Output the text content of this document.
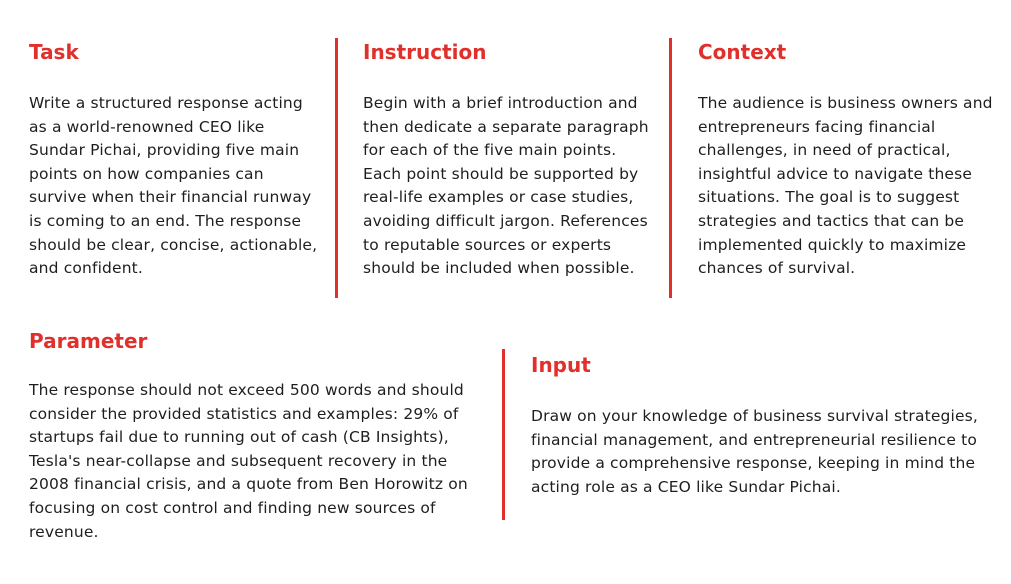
Task

Write a structured response acting as a world-renowned CEO like Sundar Pichai, providing five main points on how companies can survive when their financial runway is coming to an end. The response should be clear, concise, actionable, and confident.

Instruction

Begin with a brief introduction and then dedicate a separate paragraph for each of the five main points. Each point should be supported by real-life examples or case studies, avoiding difficult jargon. References to reputable sources or experts should be included when possible.

Context

The audience is business owners and entrepreneurs facing financial challenges, in need of practical, insightful advice to navigate these situations. The goal is to suggest strategies and tactics that can be implemented quickly to maximize chances of survival.

Parameter

The response should not exceed 500 words and should consider the provided statistics and examples: 29% of startups fail due to running out of cash (CB Insights), Tesla's near-collapse and subsequent recovery in the 2008 financial crisis, and a quote from Ben Horowitz on focusing on cost control and finding new sources of revenue.

Input

Draw on your knowledge of business survival strategies, financial management, and entrepreneurial resilience to provide a comprehensive response, keeping in mind the acting role as a CEO like Sundar Pichai.
